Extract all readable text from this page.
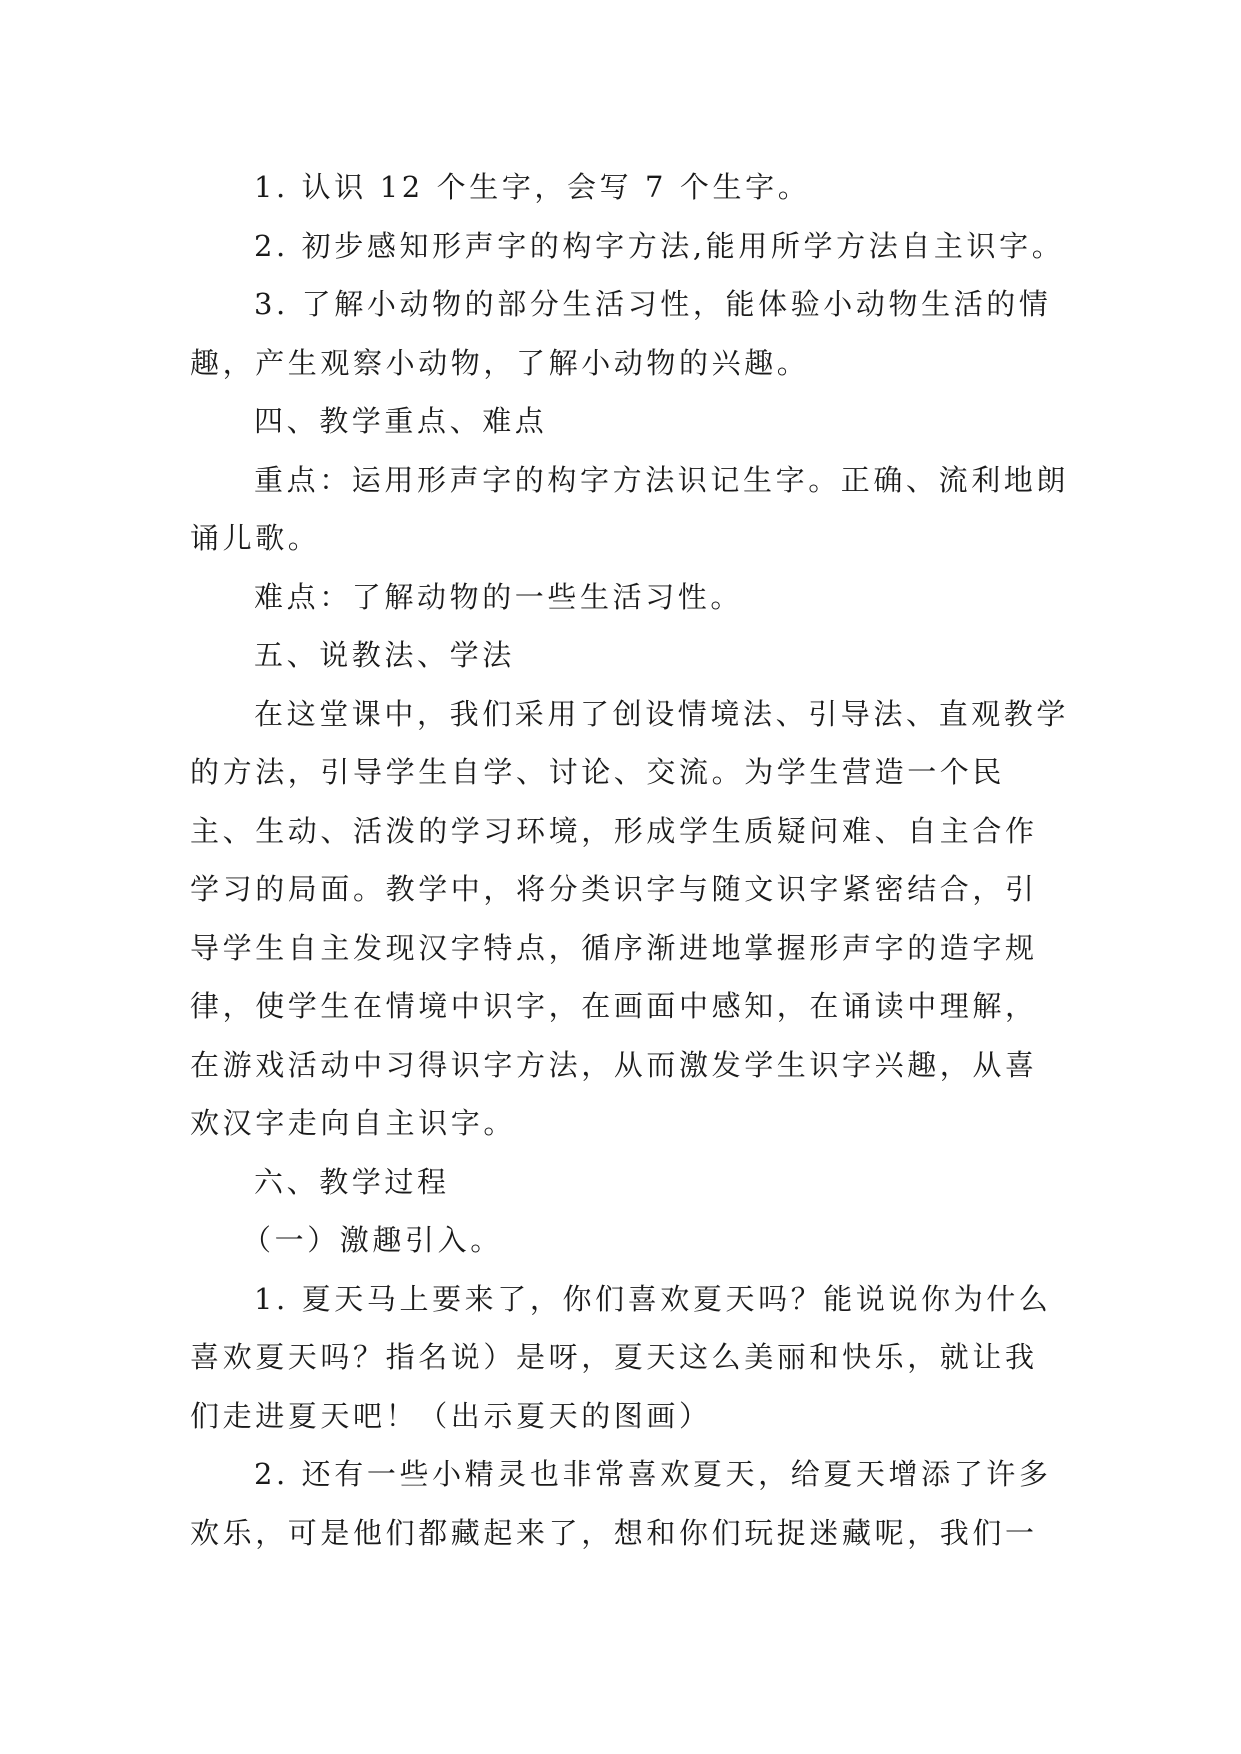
1. 认识 12 个生字，会写 7 个生字。

2. 初步感知形声字的构字方法,能用所学方法自主识字。

3. 了解小动物的部分生活习性，能体验小动物生活的情趣，产生观察小动物，了解小动物的兴趣。

四、教学重点、难点

重点：运用形声字的构字方法识记生字。正确、流利地朗诵儿歌。

难点：了解动物的一些生活习性。

五、说教法、学法

在这堂课中，我们采用了创设情境法、引导法、直观教学的方法，引导学生自学、讨论、交流。为学生营造一个民主、生动、活泼的学习环境，形成学生质疑问难、自主合作学习的局面。教学中，将分类识字与随文识字紧密结合，引导学生自主发现汉字特点，循序渐进地掌握形声字的造字规律，使学生在情境中识字，在画面中感知，在诵读中理解，在游戏活动中习得识字方法，从而激发学生识字兴趣，从喜欢汉字走向自主识字。

六、教学过程

（一）激趣引入。

1. 夏天马上要来了，你们喜欢夏天吗？能说说你为什么喜欢夏天吗？指名说）是呀，夏天这么美丽和快乐，就让我们走进夏天吧！（出示夏天的图画）

2. 还有一些小精灵也非常喜欢夏天，给夏天增添了许多欢乐，可是他们都藏起来了，想和你们玩捉迷藏呢，我们一
